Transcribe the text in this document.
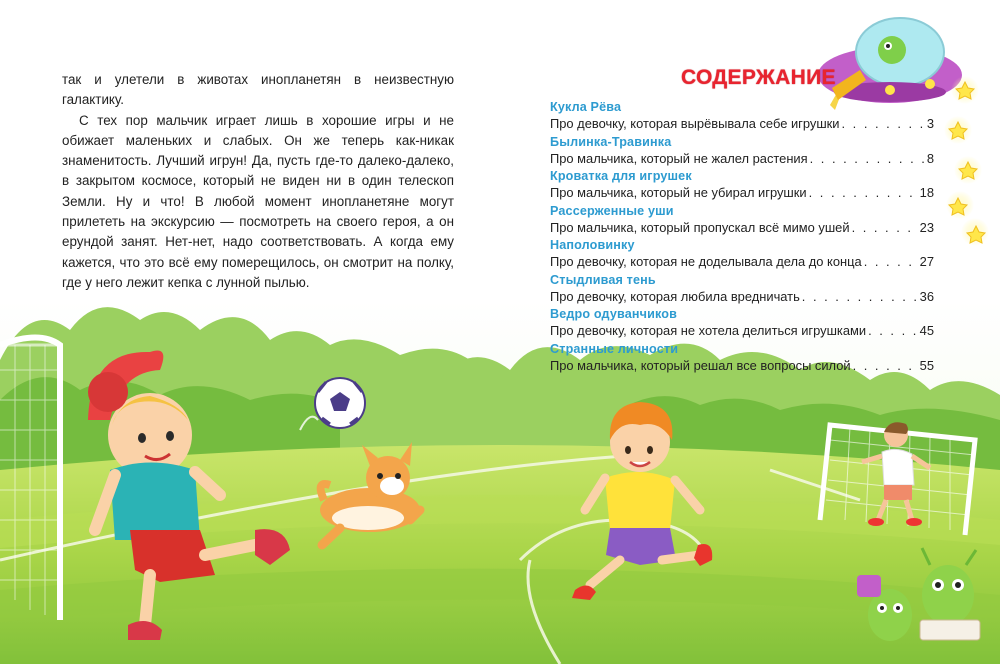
так и улетели в животах инопланетян в неизвестную галактику.

С тех пор мальчик играет лишь в хорошие игры и не обижает маленьких и слабых. Он же теперь как-никак знаменитость. Лучший игрун! Да, пусть где-то далеко-далеко, в закрытом космосе, который не виден ни в один телескоп Земли. Ну и что! В любой момент инопланетяне могут прилететь на экскурсию — посмотреть на своего героя, а он ерундой занят. Нет-нет, надо соответствовать. А когда ему кажется, что это всё ему померещилось, он смотрит на полку, где у него лежит кепка с лунной пылью.

СОДЕРЖАНИЕ
Кукла Рёва
Про девочку, которая вырёвывала себе игрушки . . .	3
Былинка-Травинка
Про мальчика, который не жалел растения . . .	8
Кроватка для игрушек
Про мальчика, который не убирал игрушки . . .	18
Рассерженные уши
Про мальчика, который пропускал всё мимо ушей . . .	23
Наполовинку
Про девочку, которая не доделывала дела до конца . . .	27
Стыдливая тень
Про девочку, которая любила вредничать . . .	36
Ведро одуванчиков
Про девочку, которая не хотела делиться игрушками . . .	45
Странные личности
Про мальчика, который решал все вопросы силой . . .	55
